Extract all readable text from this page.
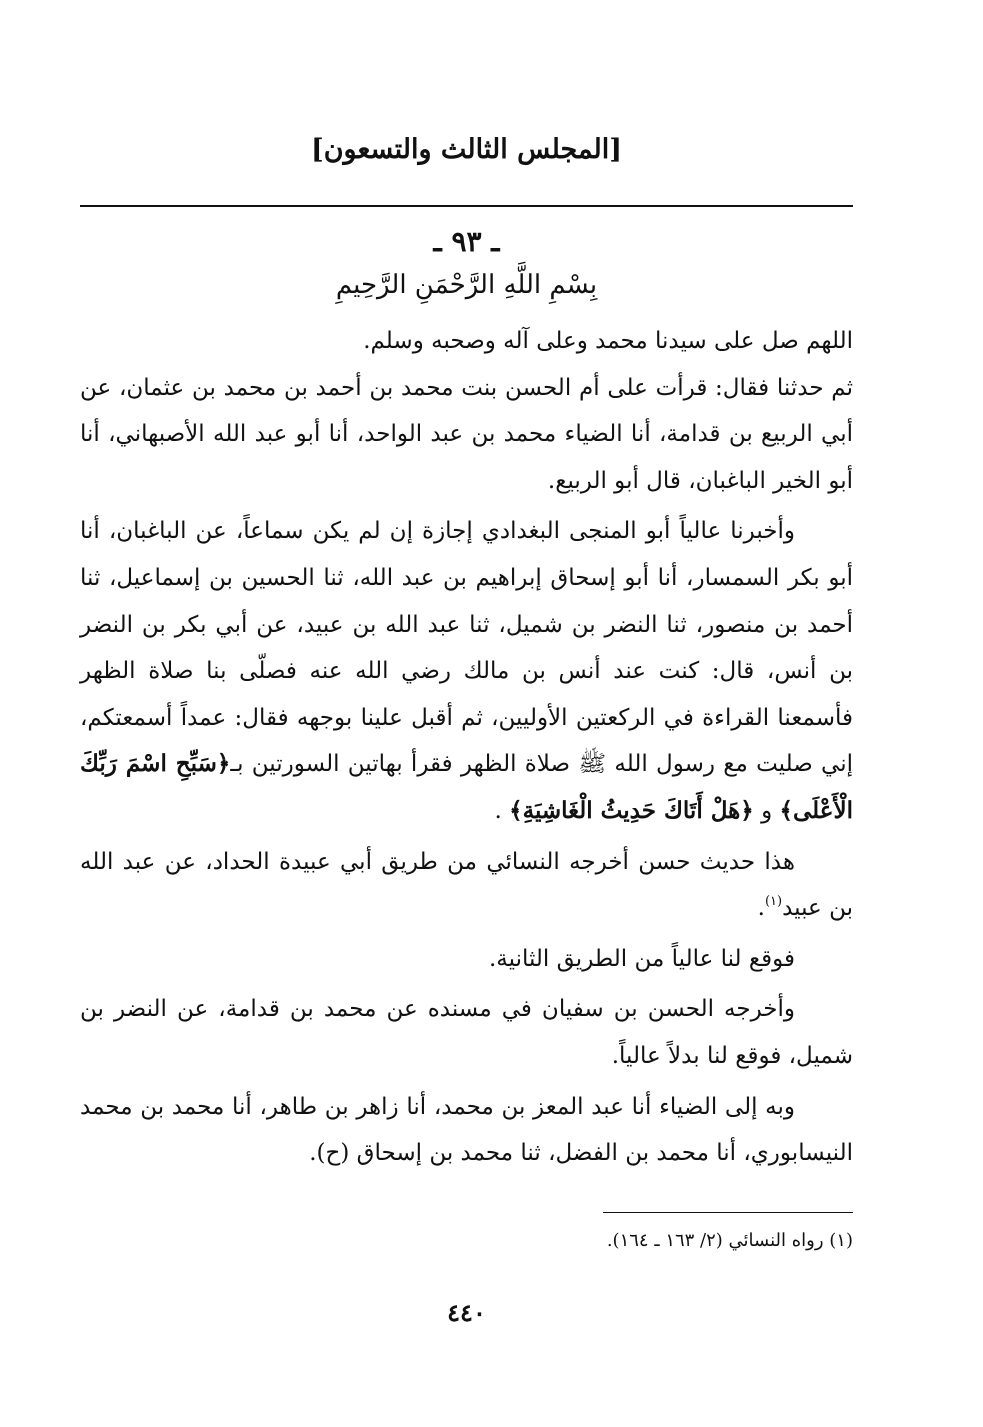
[المجلس الثالث والتسعون]
ـ ٩٣ ـ
بِسْمِ اللَّهِ الرَّحْمَنِ الرَّحِيمِ

اللهم صل على سيدنا محمد وعلى آله وصحبه وسلم.

ثم حدثنا فقال: قرأت على أم الحسن بنت محمد بن أحمد بن محمد بن عثمان، عن أبي الربيع بن قدامة، أنا الضياء محمد بن عبد الواحد، أنا أبو عبد الله الأصبهاني، أنا أبو الخير الباغبان، قال أبو الربيع.

وأخبرنا عالياً أبو المنجى البغدادي إجازة إن لم يكن سماعاً، عن الباغبان، أنا أبو بكر السمسار، أنا أبو إسحاق إبراهيم بن عبد الله، ثنا الحسين بن إسماعيل، ثنا أحمد بن منصور، ثنا النضر بن شميل، ثنا عبد الله بن عبيد، عن أبي بكر بن النضر بن أنس، قال: كنت عند أنس بن مالك رضي الله عنه فصلّى بنا صلاة الظهر فأسمعنا القراءة في الركعتين الأوليين، ثم أقبل علينا بوجهه فقال: عمداً أسمعتكم، إني صليت مع رسول الله ﷺ صلاة الظهر فقرأ بهاتين السورتين بـ﴿سَبِّحِ اسْمَ رَبِّكَ الْأَعْلَى﴾ و ﴿هَلْ أَتَاكَ حَدِيثُ الْغَاشِيَةِ﴾ .

هذا حديث حسن أخرجه النسائي من طريق أبي عبيدة الحداد، عن عبد الله بن عبيد$^{(١)}$.

فوقع لنا عالياً من الطريق الثانية.

وأخرجه الحسن بن سفيان في مسنده عن محمد بن قدامة، عن النضر بن شميل، فوقع لنا بدلاً عالياً.

وبه إلى الضياء أنا عبد المعز بن محمد، أنا زاهر بن طاهر، أنا محمد بن محمد النيسابوري، أنا محمد بن الفضل، ثنا محمد بن إسحاق (ح).

(١) رواه النسائي (٢/ ١٦٣ ـ ١٦٤).
٤٤٠
